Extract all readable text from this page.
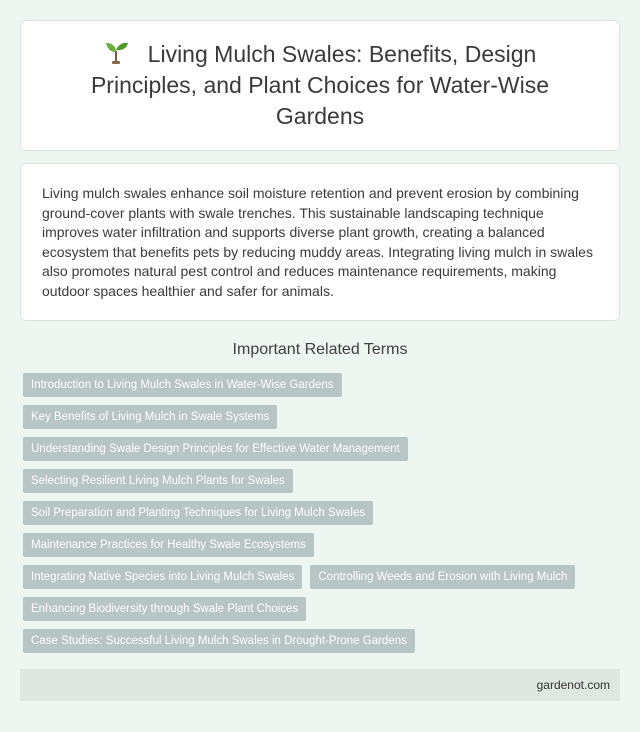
Living Mulch Swales: Benefits, Design Principles, and Plant Choices for Water-Wise Gardens

Living mulch swales enhance soil moisture retention and prevent erosion by combining ground-cover plants with swale trenches. This sustainable landscaping technique improves water infiltration and supports diverse plant growth, creating a balanced ecosystem that benefits pets by reducing muddy areas. Integrating living mulch in swales also promotes natural pest control and reduces maintenance requirements, making outdoor spaces healthier and safer for animals.

Important Related Terms
Introduction to Living Mulch Swales in Water-Wise Gardens
Key Benefits of Living Mulch in Swale Systems
Understanding Swale Design Principles for Effective Water Management
Selecting Resilient Living Mulch Plants for Swales
Soil Preparation and Planting Techniques for Living Mulch Swales
Maintenance Practices for Healthy Swale Ecosystems
Integrating Native Species into Living Mulch Swales	Controlling Weeds and Erosion with Living Mulch
Enhancing Biodiversity through Swale Plant Choices
Case Studies: Successful Living Mulch Swales in Drought-Prone Gardens
gardenot.com
